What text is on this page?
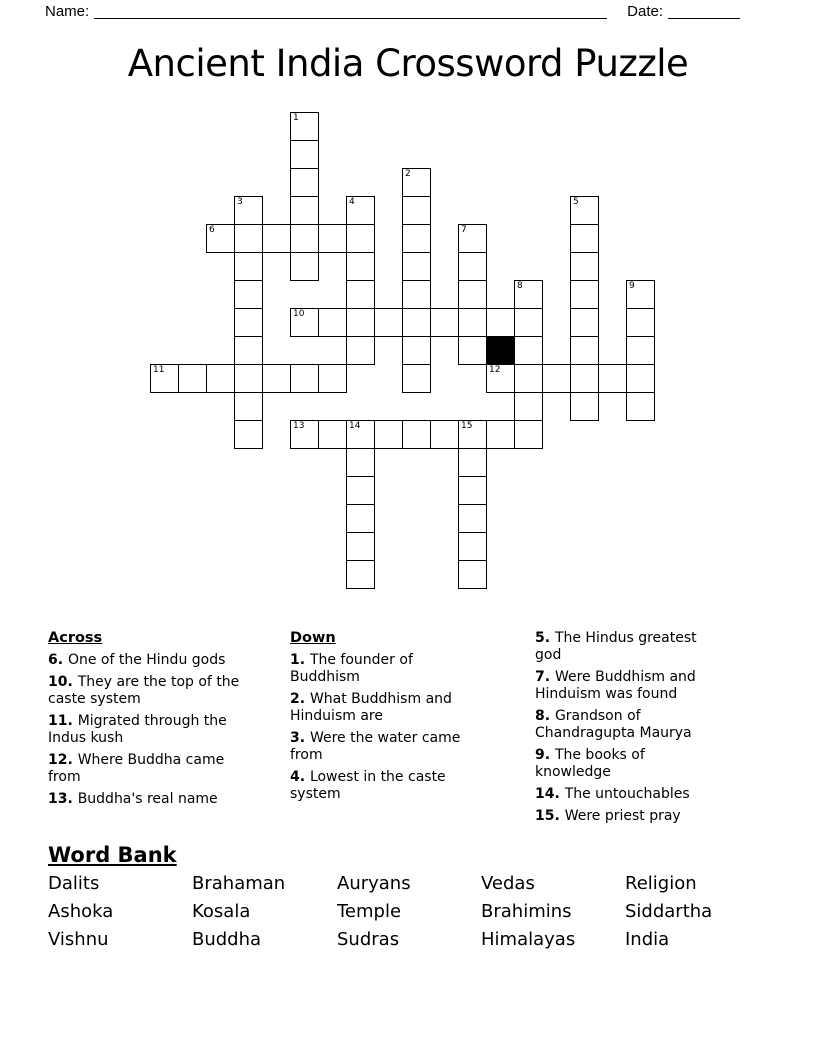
Name:	Date:
Ancient India Crossword Puzzle
1
2
3	4	5
6	7
8	9
10
11	12
13	14	15
Across
6. One of the Hindu gods
10. They are the top of the caste system
11. Migrated through the Indus kush
12. Where Buddha came from
13. Buddha's real name
Down
1. The founder of Buddhism
2. What Buddhism and Hinduism are
3. Were the water came from
4. Lowest in the caste system
5. The Hindus greatest god
7. Were Buddhism and Hinduism was found
8. Grandson of Chandragupta Maurya
9. The books of knowledge
14. The untouchables
15. Were priest pray
Word Bank
Dalits	Brahaman	Auryans	Vedas	Religion
Ashoka	Kosala	Temple	Brahimins	Siddartha
Vishnu	Buddha	Sudras	Himalayas	India
